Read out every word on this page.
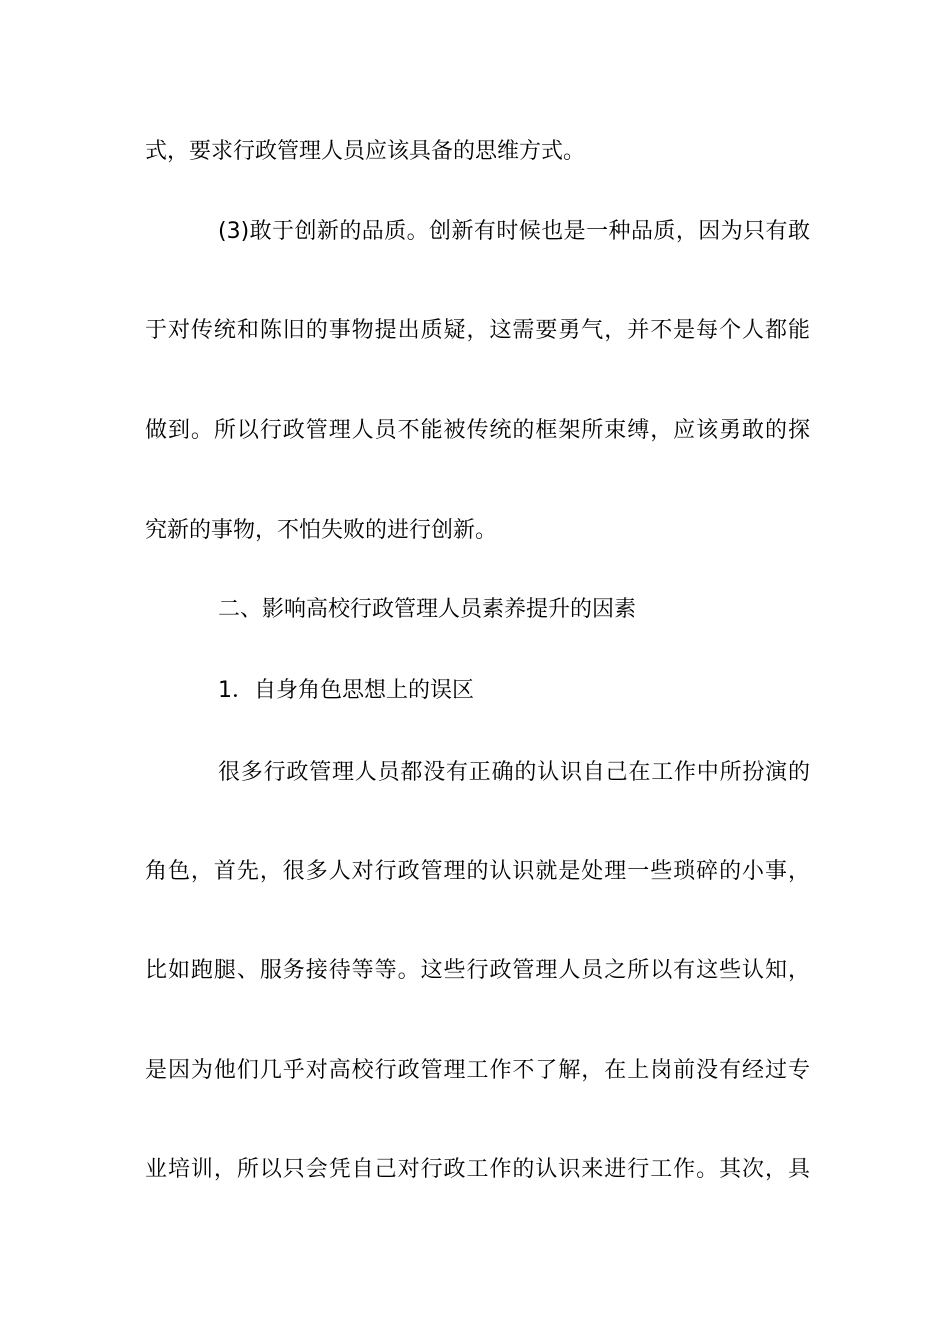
式，要求行政管理人员应该具备的思维方式。
(3)敢于创新的品质。创新有时候也是一种品质，因为只有敢
于对传统和陈旧的事物提出质疑，这需要勇气，并不是每个人都能
做到。所以行政管理人员不能被传统的框架所束缚，应该勇敢的探
究新的事物，不怕失败的进行创新。
二、影响高校行政管理人员素养提升的因素
1．自身角色思想上的误区
很多行政管理人员都没有正确的认识自己在工作中所扮演的
角色，首先，很多人对行政管理的认识就是处理一些琐碎的小事，
比如跑腿、服务接待等等。这些行政管理人员之所以有这些认知，
是因为他们几乎对高校行政管理工作不了解，在上岗前没有经过专
业培训，所以只会凭自己对行政工作的认识来进行工作。其次，具
